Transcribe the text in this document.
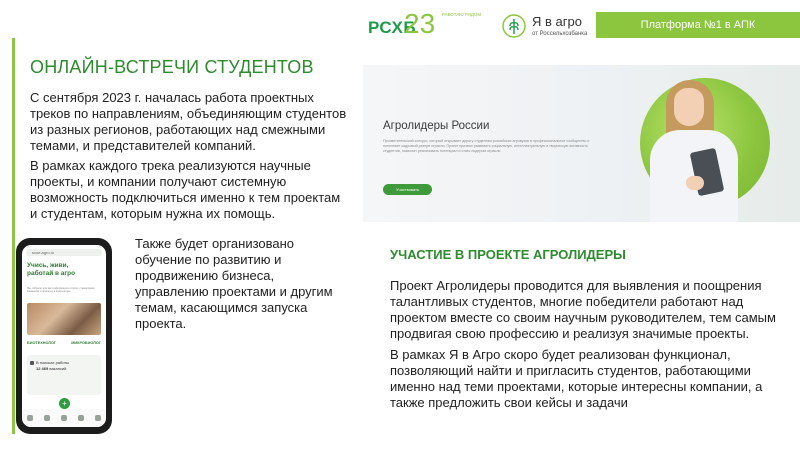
РСХБ
23 РАБОТАЮ РЯДОМ	Я в агро
от Россельхозбанка
Платформа №1 в АПК
ОНЛАЙН-ВСТРЕЧИ СТУДЕНТОВ
С сентября 2023 г. началась работа проектных треков по направлениям, объединяющим студентов из разных регионов, работающих над смежными темами, и представителей компаний.
В рамках каждого трека реализуются научные проекты, и компании получают системную возможность подключиться именно к тем проектам и студентам, которым нужна их помощь.
Также будет организовано обучение по развитию и продвижению бизнеса, управлению проектами и другим темам, касающимся запуска проекта.
svoe.agro.ru
Учись, живи, работай в агро
Мы собрали для вас информацию о вузах, стажировках, вакансиях и проектах в агросекторе
БИОТЕХНОЛОГ	МИКРОБИОЛОГ
В поисках работы
12 469 вакансий
+
Агролидеры России
Просветительский конкурс, который открывает дорогу студентам российских агровузов в профессиональное сообщество и пополняет кадровый резерв отрасли. Проект призван развивать социальную, интеллектуальную и творческую активность студентов, позволит реализовать потенциал и стать лидером отрасли
Участвовать
УЧАСТИЕ В ПРОЕКТЕ АГРОЛИДЕРЫ
Проект Агролидеры проводится для выявления и поощрения талантливых студентов, многие победители работают над проектом вместе со своим научным руководителем, тем самым продвигая свою профессию и реализуя значимые проекты.
В рамках Я в Агро скоро будет реализован функционал, позволяющий найти и пригласить студентов, работающими именно над теми проектами, которые интересны компании, а также предложить свои кейсы и задачи
